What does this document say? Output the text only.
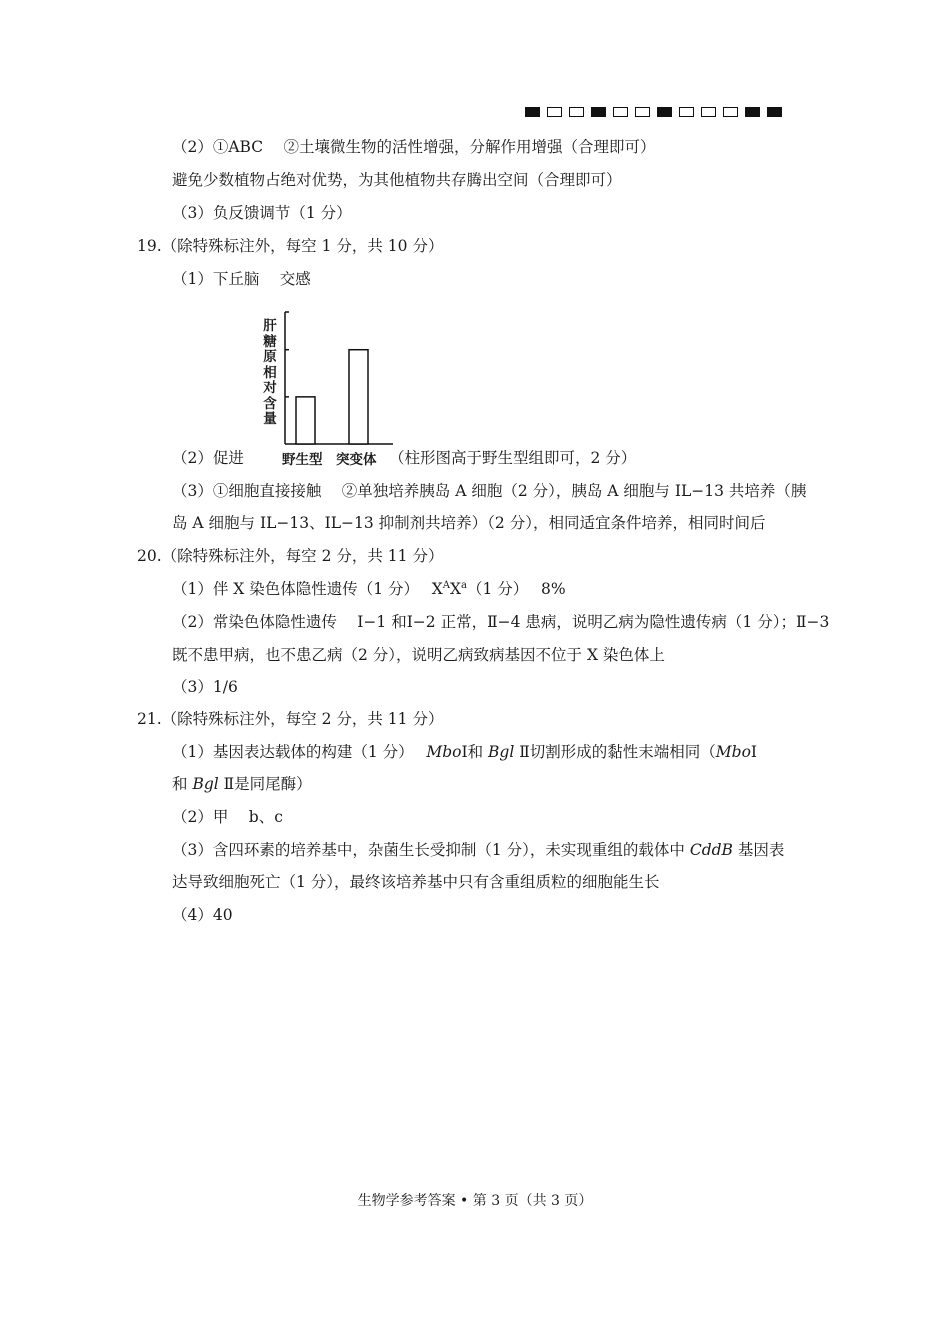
（2）①ABC　 ②土壤微生物的活性增强，分解作用增强（合理即可）
避免少数植物占绝对优势，为其他植物共存腾出空间（合理即可）
（3）负反馈调节（1 分）
19.（除特殊标注外，每空 1 分，共 10 分）
（1）下丘脑　 交感
肝糖原相对含量
野生型 突变体
（2）促进	（柱形图高于野生型组即可，2 分）
（3）①细胞直接接触　 ②单独培养胰岛 A 细胞（2 分），胰岛 A 细胞与 IL−13 共培养（胰
岛 A 细胞与 IL−13、IL−13 抑制剂共培养）（2 分），相同适宜条件培养，相同时间后
20.（除特殊标注外，每空 2 分，共 11 分）
（1）伴 X 染色体隐性遗传（1 分）　 $X^AX^a(1$ 分）　 8%
（2）常染色体隐性遗传　 Ⅰ−1 和Ⅰ−2 正常，Ⅱ−4 患病，说明乙病为隐性遗传病（1 分）；Ⅱ−3
既不患甲病，也不患乙病（2 分），说明乙病致病基因不位于 X 染色体上
（3）1/6
21.（除特殊标注外，每空 2 分，共 11 分）
（1）基因表达载体的构建（1 分）　 MboⅠ和 Bgl Ⅱ切割形成的黏性末端相同（MboⅠ
和 Bgl Ⅱ是同尾酶）
（2）甲　 b、c
（3）含四环素的培养基中，杂菌生长受抑制（1 分），未实现重组的载体中 CddB 基因表
达导致细胞死亡（1 分），最终该培养基中只有含重组质粒的细胞能生长
（4）40
生物学参考答案 • 第 3 页（共 3 页）
